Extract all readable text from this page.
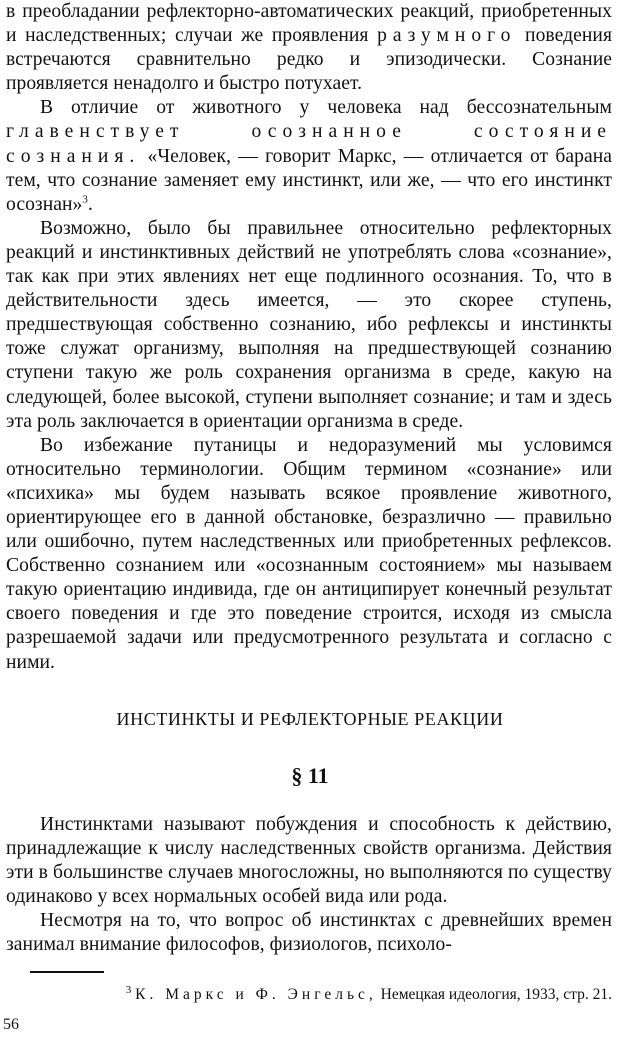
в преобладании рефлекторно-автоматических реакций, приобретенных и наследственных; случаи же проявления разумного поведения встречаются сравнительно редко и эпизодически. Сознание проявляется ненадолго и быстро потухает.

В отличие от животного у человека над бессознательным главенствует осознанное состояние сознания. «Человек, — говорит Маркс, — отличается от барана тем, что сознание заменяет ему инстинкт, или же, — что его инстинкт осознан»$^3$.

Возможно, было бы правильнее относительно рефлекторных реакций и инстинктивных действий не употреблять слова «сознание», так как при этих явлениях нет еще подлинного осознания. То, что в действительности здесь имеется, — это скорее ступень, предшествующая собственно сознанию, ибо рефлексы и инстинкты тоже служат организму, выполняя на предшествующей сознанию ступени такую же роль сохранения организма в среде, какую на следующей, более высокой, ступени выполняет сознание; и там и здесь эта роль заключается в ориентации организма в среде.

Во избежание путаницы и недоразумений мы условимся относительно терминологии. Общим термином «сознание» или «психика» мы будем называть всякое проявление животного, ориентирующее его в данной обстановке, безразлично — правильно или ошибочно, путем наследственных или приобретенных рефлексов. Собственно сознанием или «осознанным состоянием» мы называем такую ориентацию индивида, где он антиципирует конечный результат своего поведения и где это поведение строится, исходя из смысла разрешаемой задачи или предусмотренного результата и согласно с ними.

ИНСТИНКТЫ И РЕФЛЕКТОРНЫЕ РЕАКЦИИ
§ 11

Инстинктами называют побуждения и способность к действию, принадлежащие к числу наследственных свойств организма. Действия эти в большинстве случаев многосложны, но выполняются по существу одинаково у всех нормальных особей вида или рода.

Несмотря на то, что вопрос об инстинктах с древнейших времен занимал внимание философов, физиологов, психоло-

$^3$ К. Маркс и Ф. Энгельс, Немецкая идеология, 1933, стр. 21.
56
